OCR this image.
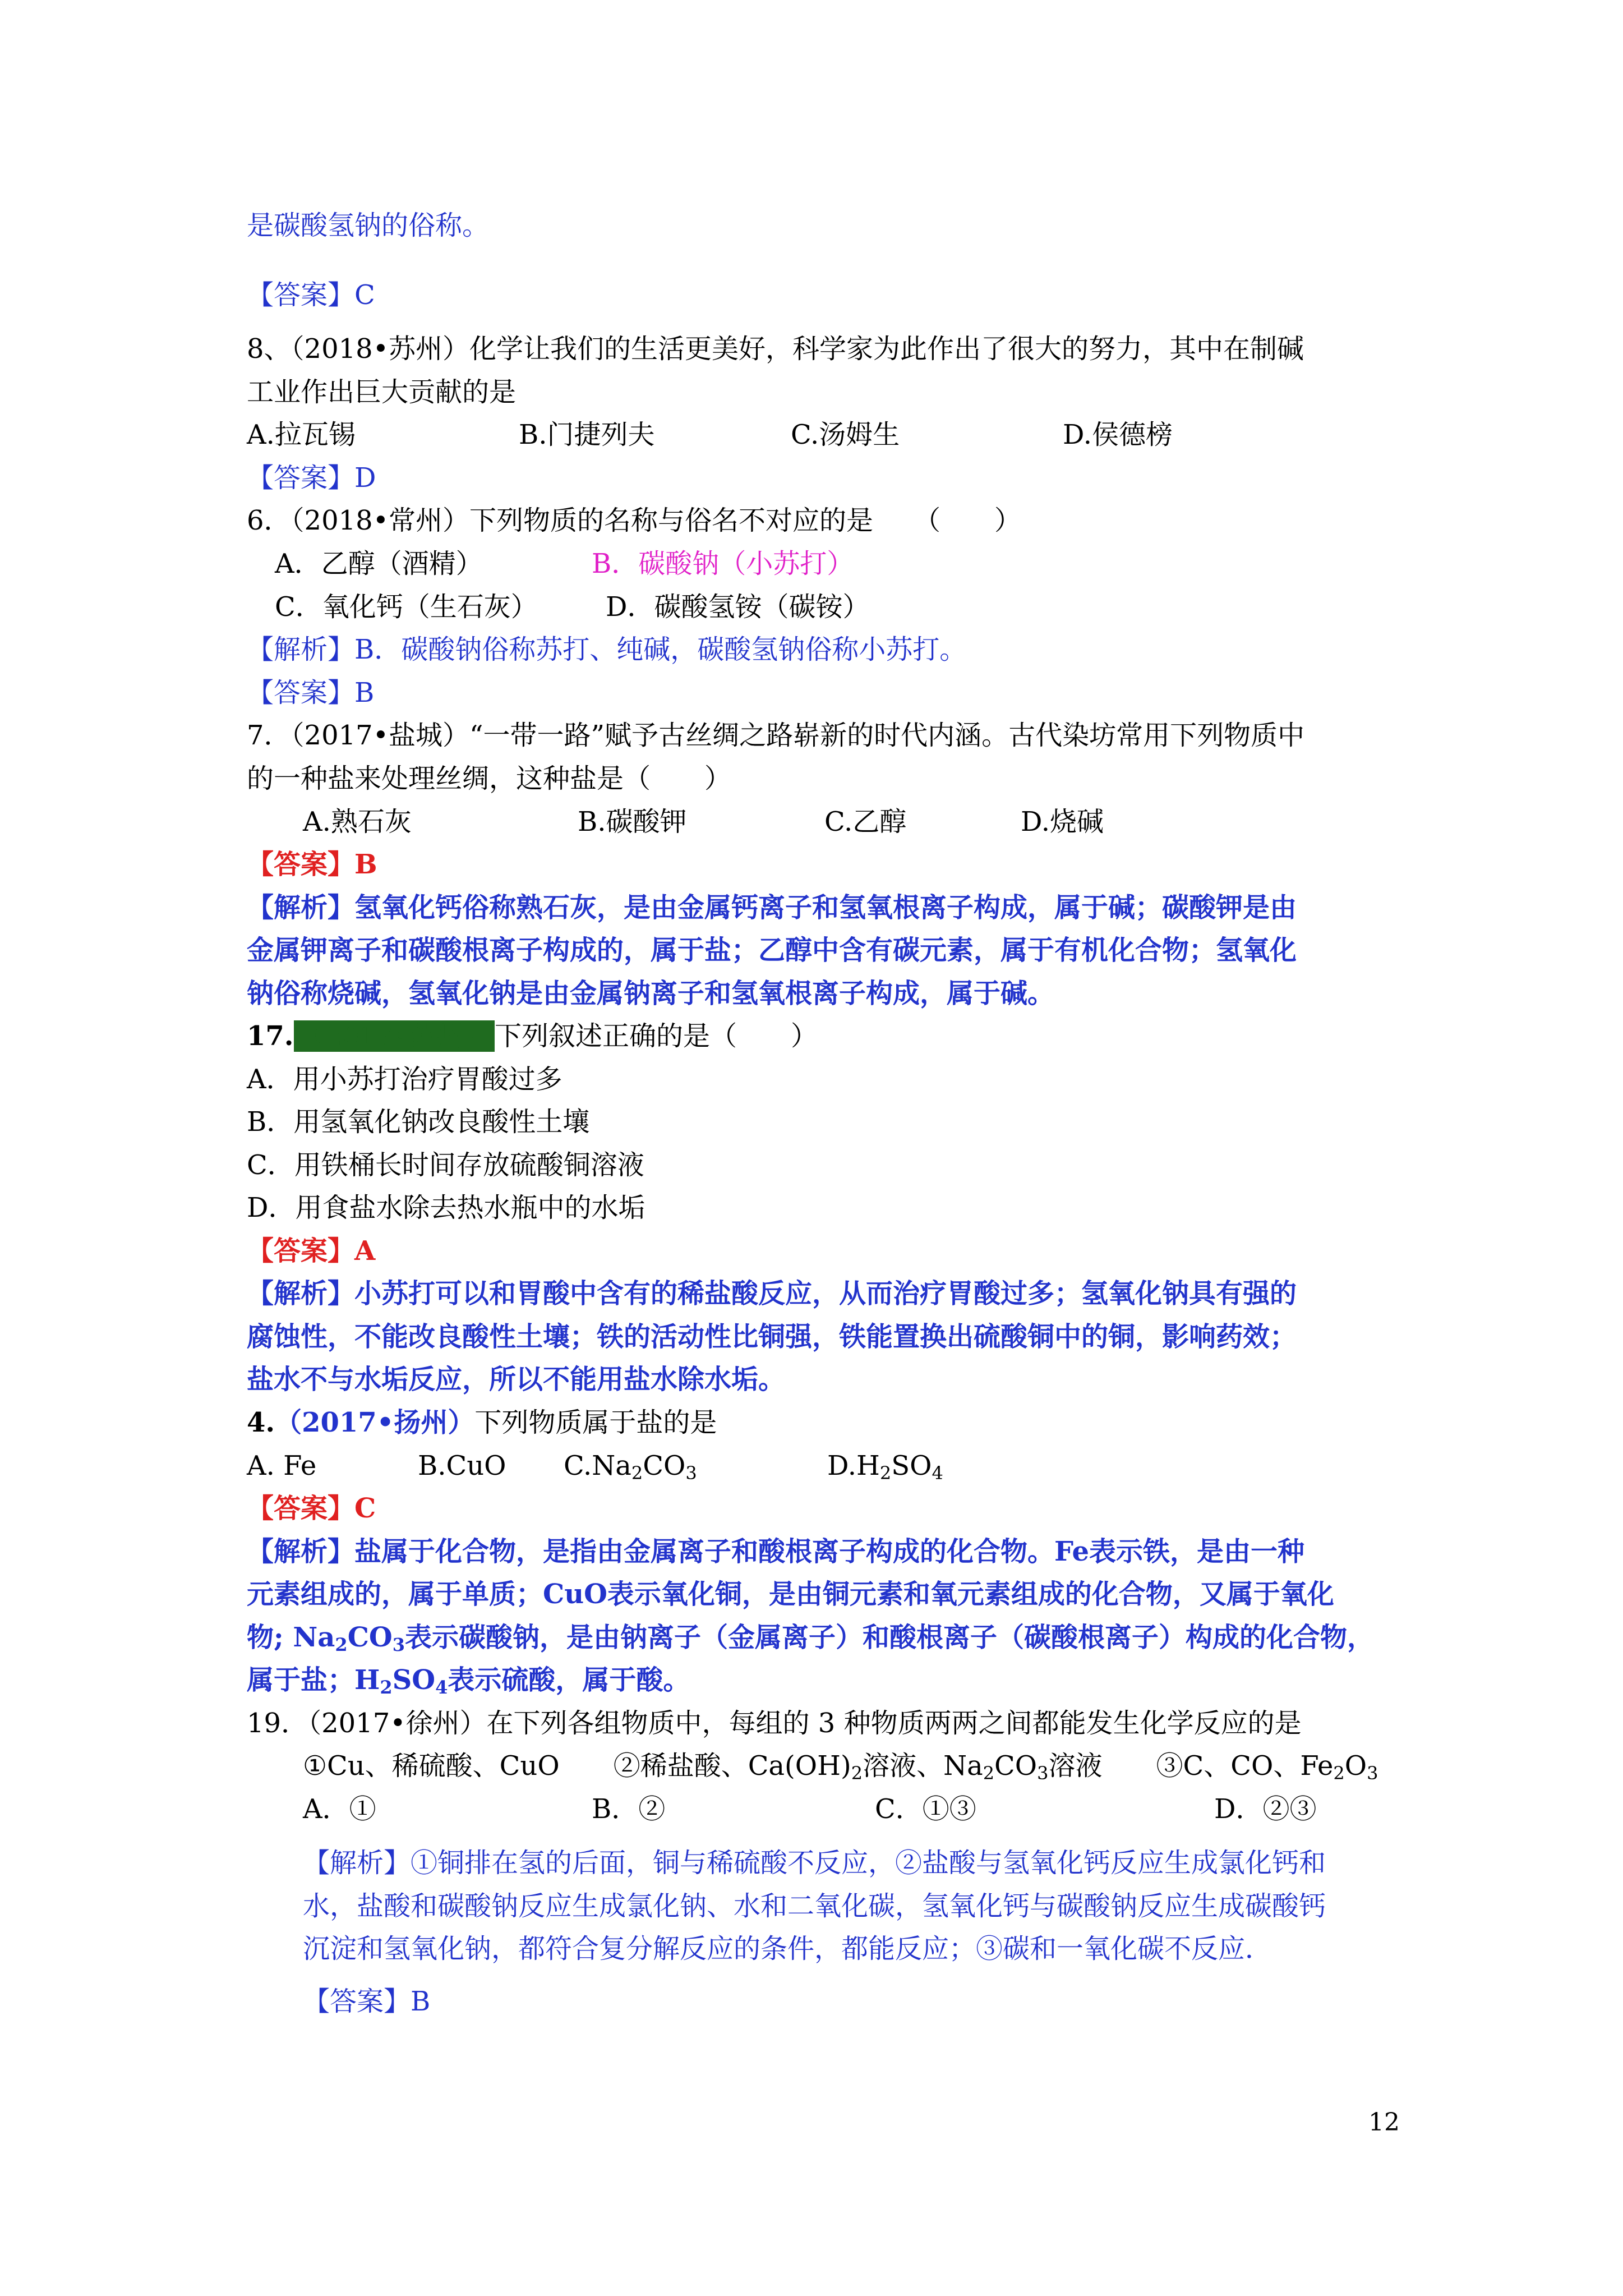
是碳酸氢钠的俗称。
【答案】C
8、（2018•苏州）化学让我们的生活更美好，科学家为此作出了很大的努力，其中在制碱
工业作出巨大贡献的是
A.拉瓦锡	B.门捷列夫	C.汤姆生	D.侯德榜
【答案】D
6．（2018•常州）下列物质的名称与俗名不对应的是　　（　　）
A．乙醇（酒精）	B．碳酸钠（小苏打）
C．氧化钙（生石灰）	D．碳酸氢铵（碳铵）
【解析】B．碳酸钠俗称苏打、纯碱，碳酸氢钠俗称小苏打。
【答案】B
7．（2017•盐城）“一带一路”赋予古丝绸之路崭新的时代内涵。古代染坊常用下列物质中
的一种盐来处理丝绸，这种盐是（　　）
A.熟石灰	B.碳酸钾	C.乙醇	D.烧碱
【答案】B
【解析】氢氧化钙俗称熟石灰，是由金属钙离子和氢氧根离子构成，属于碱；碳酸钾是由
金属钾离子和碳酸根离子构成的，属于盐；乙醇中含有碳元素，属于有机化合物；氢氧化
钠俗称烧碱，氢氧化钠是由金属钠离子和氢氧根离子构成，属于碱。
17. （2017•苏州） 下列叙述正确的是（　　）
A．用小苏打治疗胃酸过多
B．用氢氧化钠改良酸性土壤
C．用铁桶长时间存放硫酸铜溶液
D．用食盐水除去热水瓶中的水垢
【答案】A
【解析】小苏打可以和胃酸中含有的稀盐酸反应，从而治疗胃酸过多；氢氧化钠具有强的
腐蚀性，不能改良酸性土壤；铁的活动性比铜强，铁能置换出硫酸铜中的铜，影响药效；
盐水不与水垢反应，所以不能用盐水除水垢。
4.（2017•扬州）下列物质属于盐的是
A. Fe	B.CuO	$C.Na_2CO_3$	$D.H_2SO_4$
【答案】C
【解析】盐属于化合物，是指由金属离子和酸根离子构成的化合物。Fe表示铁，是由一种
元素组成的，属于单质；CuO表示氧化铜，是由铜元素和氧元素组成的化合物，又属于氧化
物; $Na_2CO_3$表示碳酸钠，是由钠离子（金属离子）和酸根离子（碳酸根离子）构成的化合物，
属于盐；$H_2SO_4$表示硫酸，属于酸。
19．（2017•徐州）在下列各组物质中，每组的 3 种物质两两之间都能发生化学反应的是
①Cu、稀硫酸、CuO　　 ②稀盐酸、$Ca(OH)_2$溶液、$Na_2CO_3$溶液　　 ③C、CO、$Fe_2O_3$
A．①	B．②	C．①③	D．②③
【解析】①铜排在氢的后面，铜与稀硫酸不反应，②盐酸与氢氧化钙反应生成氯化钙和
水，盐酸和碳酸钠反应生成氯化钠、水和二氧化碳，氢氧化钙与碳酸钠反应生成碳酸钙
沉淀和氢氧化钠，都符合复分解反应的条件，都能反应；③碳和一氧化碳不反应．
【答案】B
12
